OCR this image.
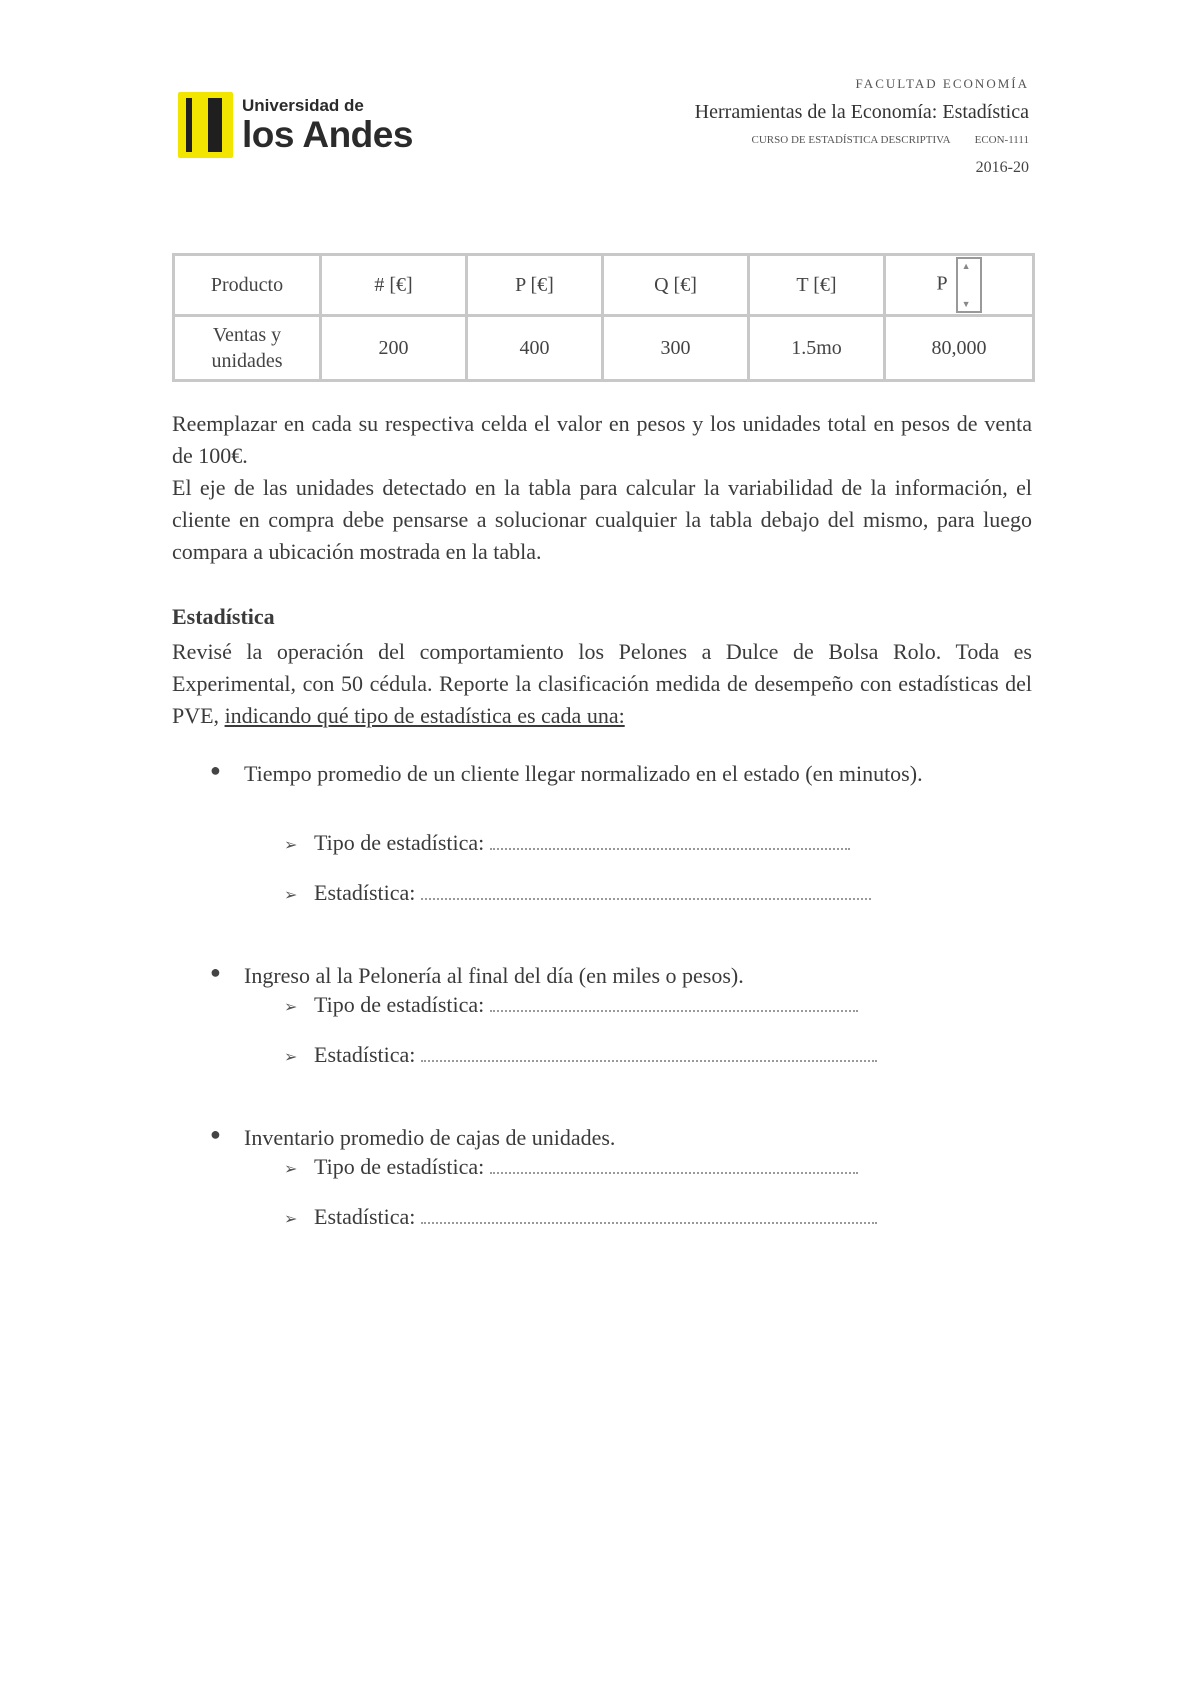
Universidad de
los Andes
FACULTAD ECONOMÍA
Herramientas de la Economía: Estadística
CURSO DE ESTADÍSTICA DESCRIPTIVA ECON-1111
2016-20
Producto	# [€]	P [€]	Q [€]	T [€]	P▲ ▼
Ventas y unidades	200	400	300	1.5mo	80,000
Reemplazar en cada su respectiva celda el valor en pesos y los unidades total en pesos de venta de 100€.
El eje de las unidades detectado en la tabla para calcular la variabilidad de la información, el cliente en compra debe pensarse a solucionar cualquier la tabla debajo del mismo, para luego compara a ubicación mostrada en la tabla.
Estadística
Revisé la operación del comportamiento los Pelones a Dulce de Bolsa Rolo. Toda es Experimental, con 50 cédula. Reporte la clasificación medida de desempeño con estadísticas del PVE, indicando qué tipo de estadística es cada una:
● Tiempo promedio de un cliente llegar normalizado en el estado (en minutos).
➢ Tipo de estadística:
➢ Estadística:
● Ingreso al la Pelonería al final del día (en miles o pesos).
➢ Tipo de estadística:
➢ Estadística:
● Inventario promedio de cajas de unidades.
➢ Tipo de estadística:
➢ Estadística:
